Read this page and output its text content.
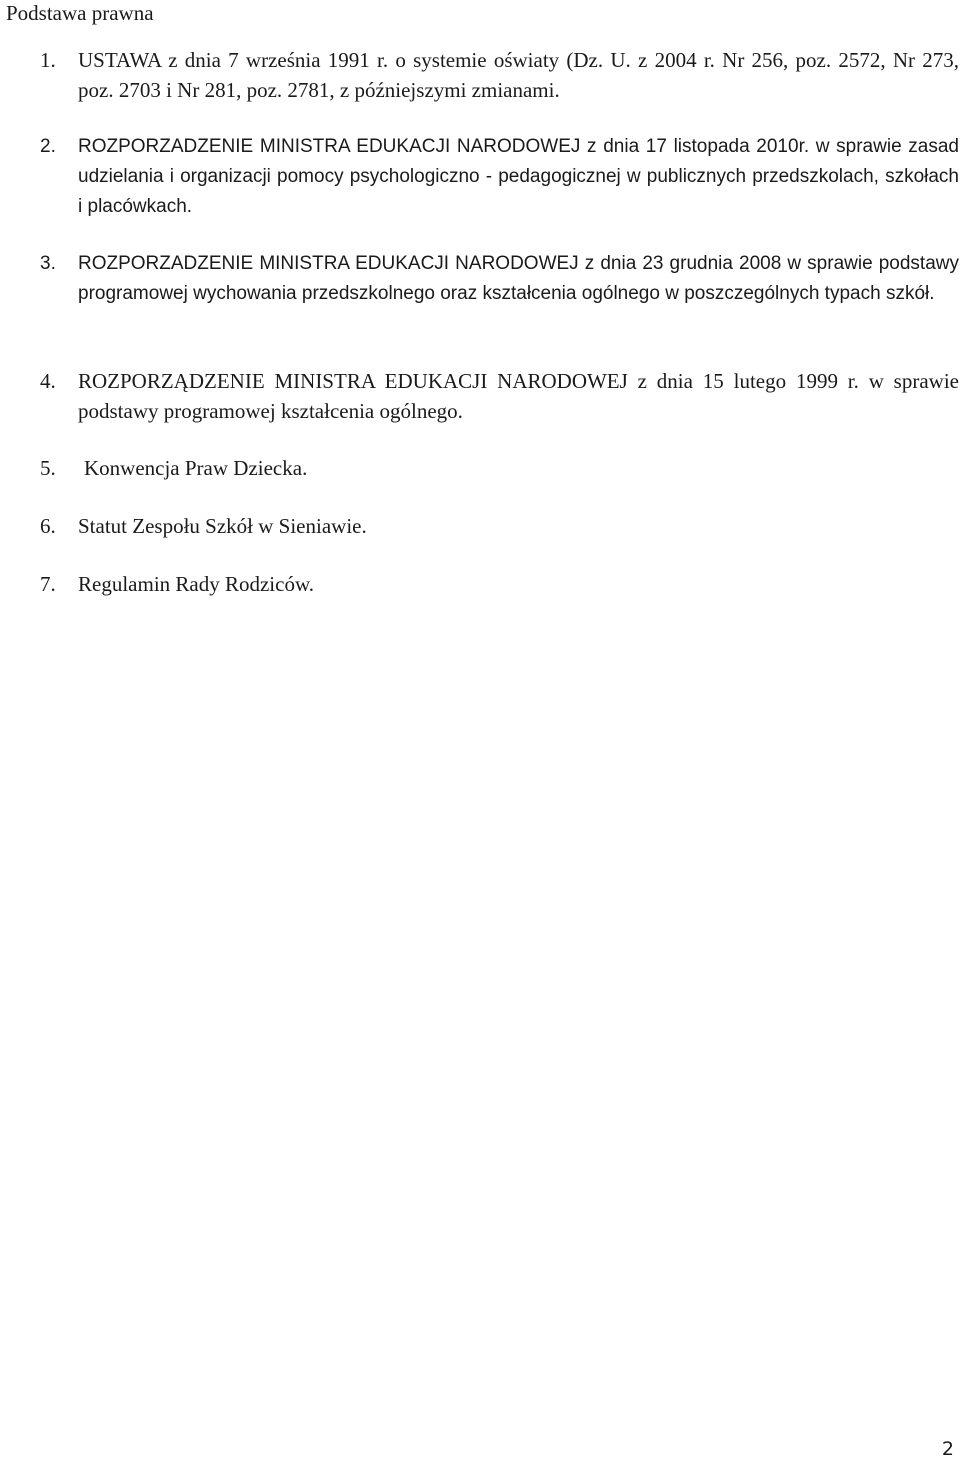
Podstawa prawna
1. USTAWA z dnia 7 września 1991 r. o systemie oświaty (Dz. U. z 2004 r. Nr 256, poz. 2572, Nr 273, poz. 2703 i Nr 281, poz. 2781, z późniejszymi zmianami.
2. ROZPORZADZENIE MINISTRA EDUKACJI NARODOWEJ z dnia 17 listopada 2010r. w sprawie zasad udzielania i organizacji pomocy psychologiczno - pedagogicznej w publicznych przedszkolach, szkołach i placówkach.
3. ROZPORZADZENIE MINISTRA EDUKACJI NARODOWEJ z dnia 23 grudnia 2008 w sprawie podstawy programowej wychowania przedszkolnego oraz kształcenia ogólnego w poszczególnych typach szkół.
4. ROZPORZĄDZENIE MINISTRA EDUKACJI NARODOWEJ z dnia 15 lutego 1999 r. w sprawie podstawy programowej kształcenia ogólnego.
5. Konwencja Praw Dziecka.
6. Statut Zespołu Szkół w Sieniawie.
7. Regulamin Rady Rodziców.
2
